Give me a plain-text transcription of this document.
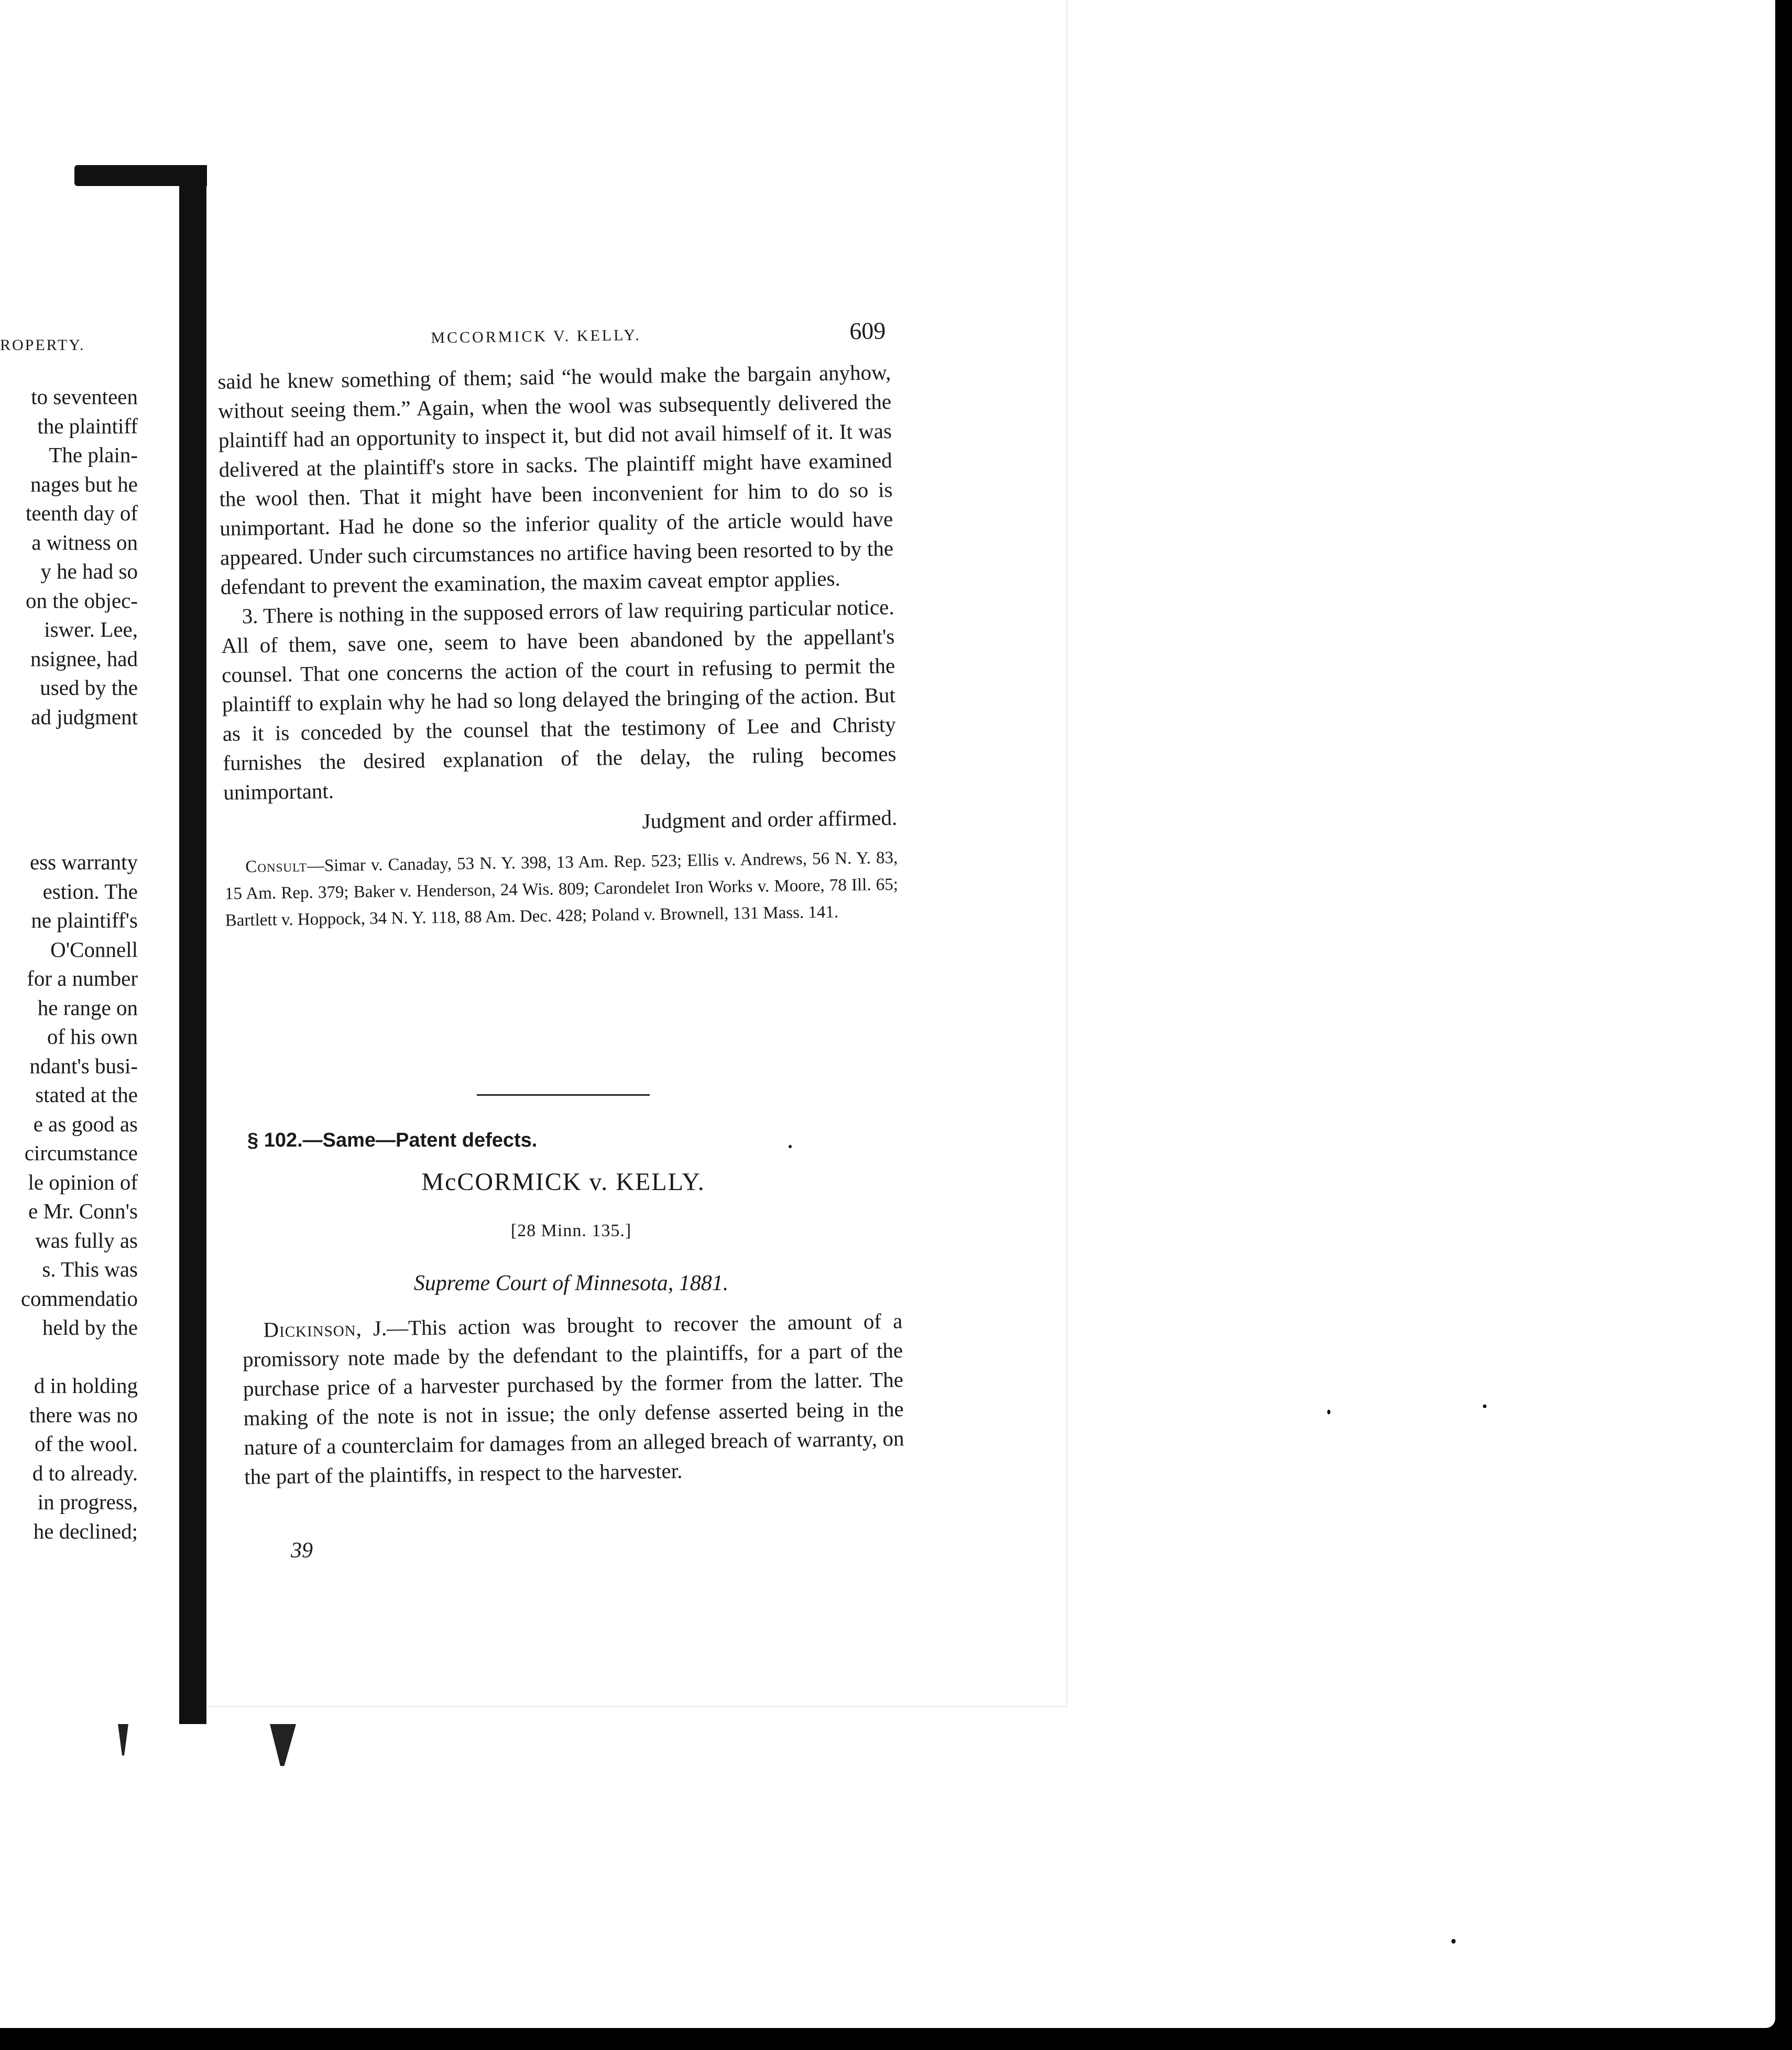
ROPERTY.
to seventeen
the plaintiff
The plain-
nages but he
teenth day of
a witness on
y he had so
on the objec-
iswer. Lee,
nsignee, had
used by the
ad judgment
ess warranty
estion. The
ne plaintiff's
O'Connell
for a number
he range on
of his own
ndant's busi-
stated at the
e as good as
circumstance
le opinion of
e Mr. Conn's
was fully as
s. This was
commendatio
held by the
d in holding
there was no
of the wool.
d to already.
in progress,
he declined;
MCCORMICK V. KELLY.	609

said he knew something of them; said “he would make the bargain anyhow, without seeing them.” Again, when the wool was subsequently delivered the plaintiff had an opportunity to inspect it, but did not avail himself of it. It was delivered at the plaintiff's store in sacks. The plaintiff might have examined the wool then. That it might have been inconvenient for him to do so is unimportant. Had he done so the inferior quality of the article would have appeared. Under such circumstances no artifice having been resorted to by the defendant to prevent the examination, the maxim caveat emptor applies.

3. There is nothing in the supposed errors of law requiring particular notice. All of them, save one, seem to have been abandoned by the appellant's counsel. That one concerns the action of the court in refusing to permit the plaintiff to explain why he had so long delayed the bringing of the action. But as it is conceded by the counsel that the testimony of Lee and Christy furnishes the desired explanation of the delay, the ruling becomes unimportant.

Judgment and order affirmed.

Consult—Simar v. Canaday, 53 N. Y. 398, 13 Am. Rep. 523; Ellis v. Andrews, 56 N. Y. 83, 15 Am. Rep. 379; Baker v. Henderson, 24 Wis. 809; Carondelet Iron Works v. Moore, 78 Ill. 65; Bartlett v. Hoppock, 34 N. Y. 118, 88 Am. Dec. 428; Poland v. Brownell, 131 Mass. 141.

§ 102.—Same—Patent defects.
McCORMICK v. KELLY.
[28 Minn. 135.]
Supreme Court of Minnesota, 1881.

Dickinson, J.—This action was brought to recover the amount of a promissory note made by the defendant to the plaintiffs, for a part of the purchase price of a harvester purchased by the former from the latter. The making of the note is not in issue; the only defense asserted being in the nature of a counterclaim for damages from an alleged breach of warranty, on the part of the plaintiffs, in respect to the harvester.

39
